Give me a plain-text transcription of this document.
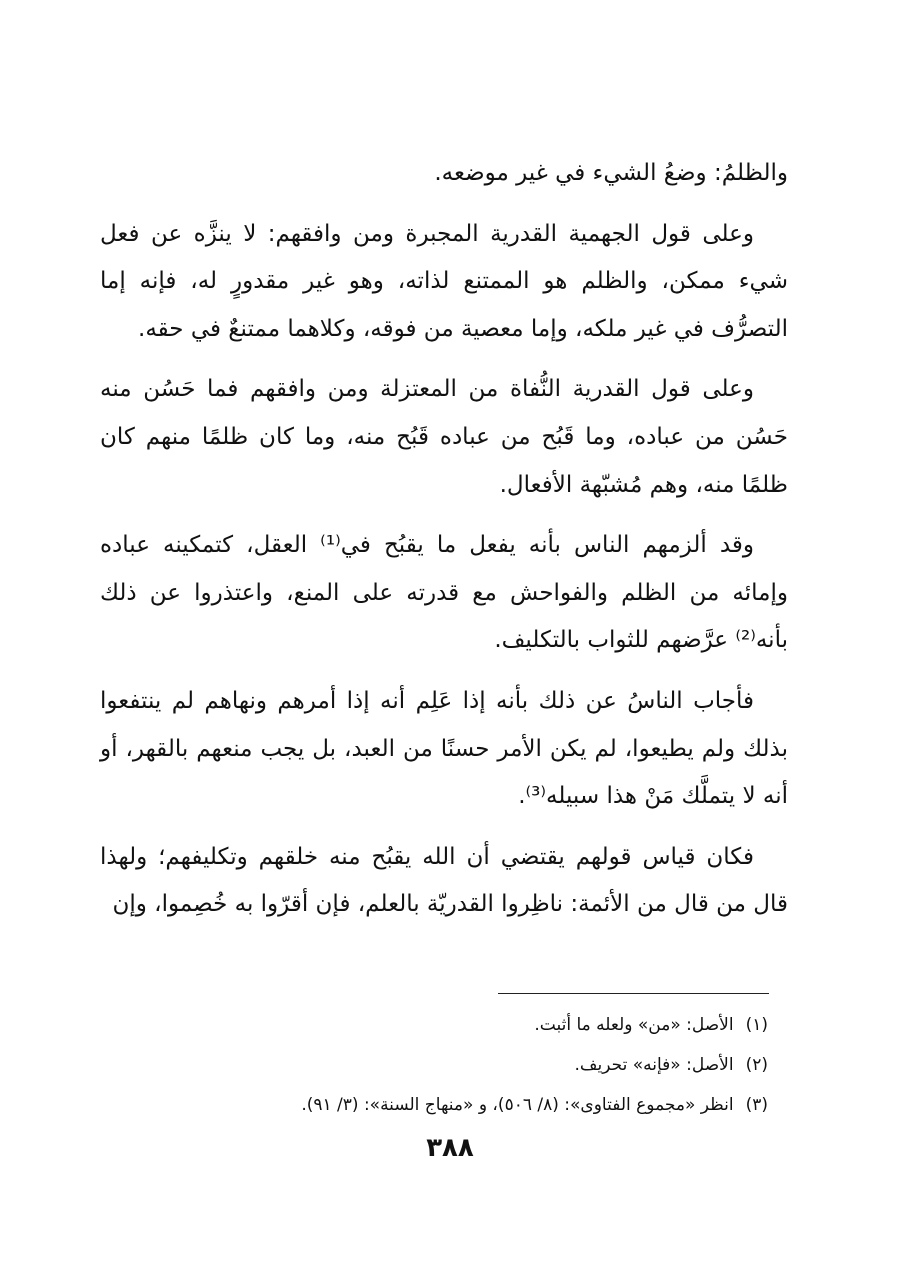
والظلمُ: وضعُ الشيء في غير موضعه.

وعلى قول الجهمية القدرية المجبرة ومن وافقهم: لا ينزَّه عن فعل شيء ممكن، والظلم هو الممتنع لذاته، وهو غير مقدورٍ له، فإنه إما التصرُّف في غير ملكه، وإما معصية من فوقه، وكلاهما ممتنعٌ في حقه.

وعلى قول القدرية النُّفاة من المعتزلة ومن وافقهم فما حَسُن منه حَسُن من عباده، وما قَبُح من عباده قَبُح منه، وما كان ظلمًا منهم كان ظلمًا منه، وهم مُشبّهة الأفعال.

وقد ألزمهم الناس بأنه يفعل ما يقبُح في⁽¹⁾ العقل، كتمكينه عباده وإمائه من الظلم والفواحش مع قدرته على المنع، واعتذروا عن ذلك بأنه⁽²⁾ عرَّضهم للثواب بالتكليف.

فأجاب الناسُ عن ذلك بأنه إذا عَلِم أنه إذا أمرهم ونهاهم لم ينتفعوا بذلك ولم يطيعوا، لم يكن الأمر حسنًا من العبد، بل يجب منعهم بالقهر، أو أنه لا يتملَّك مَنْ هذا سبيله⁽³⁾.

فكان قياس قولهم يقتضي أن الله يقبُح منه خلقهم وتكليفهم؛ ولهذا قال من قال من الأئمة: ناظِروا القدريّة بالعلم، فإن أقرّوا به خُصِموا، وإن

(١)الأصل: «من» ولعله ما أثبت.
(٢)الأصل: «فإنه» تحريف.
(٣)انظر «مجموع الفتاوى»: (٨/ ٥٠٦)، و «منهاج السنة»: (٣/ ٩١).
٣٨٨
